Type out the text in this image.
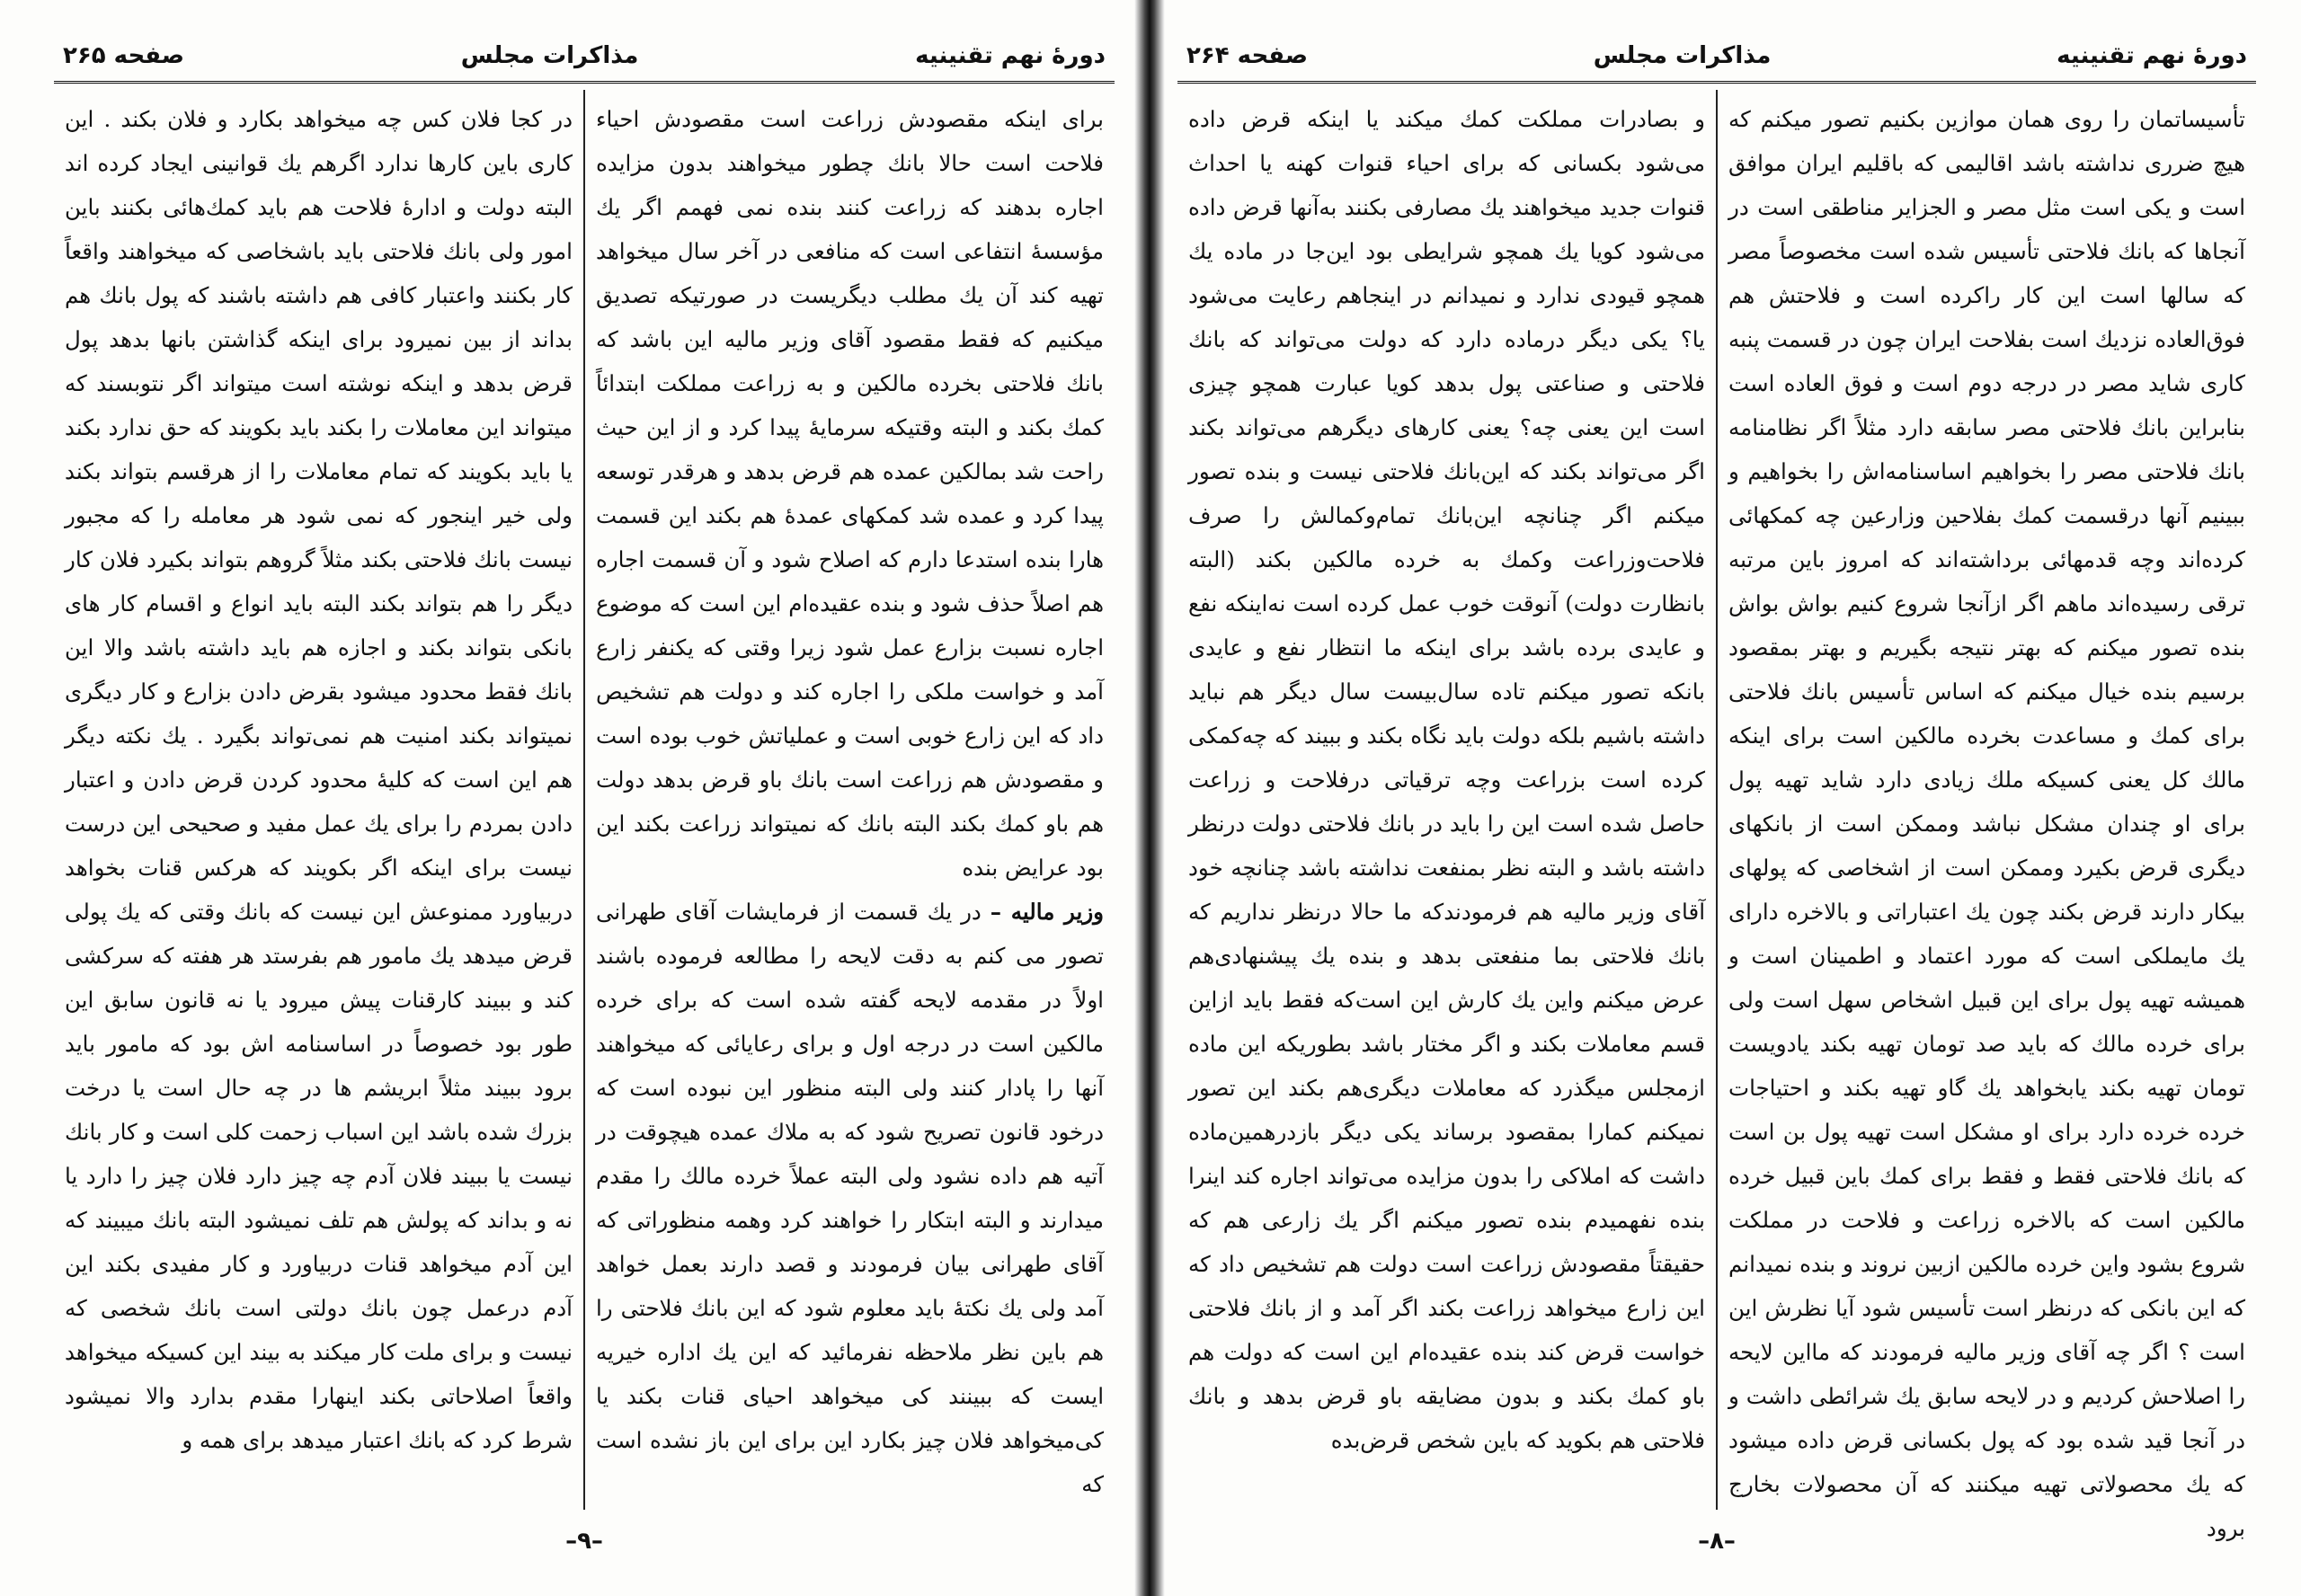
دورهٔ نهم تقنینیه
مذاکرات مجلس
صفحه ۲۶۵

برای اینکه مقصودش زراعت است مقصودش احیاء فلاحت است حالا بانك چطور میخواهند بدون مزایده اجاره بدهند که زراعت کنند بنده نمی فهمم اگر یك مؤسسهٔ انتفاعی است که منافعی در آخر سال میخواهد تهیه کند آن یك مطلب دیگریست در صورتیکه تصدیق میکنیم که فقط مقصود آقای وزیر مالیه این باشد که بانك فلاحتی بخرده مالکین و به زراعت مملکت ابتدائاً کمك بکند و البته وقتیکه سرمایهٔ پیدا کرد و از این حیث راحت شد بمالکین عمده هم قرض بدهد و هرقدر توسعه پیدا کرد و عمده شد کمکهای عمدهٔ هم بکند این قسمت هارا بنده استدعا دارم که اصلاح شود و آن قسمت اجاره هم اصلاً حذف شود و بنده عقیده‌ام این است که موضوع اجاره نسبت بزارع عمل شود زیرا وقتی که یکنفر زارع آمد و خواست ملکی را اجاره کند و دولت هم تشخیص داد که این زارع خوبی است و عملیاتش خوب بوده است و مقصودش هم زراعت است بانك باو قرض بدهد دولت هم باو کمك بکند البته بانك که نمیتواند زراعت بکند این بود عرایض بنده

وزیر مالیه – در یك قسمت از فرمایشات آقای طهرانی تصور می کنم به دقت لایحه را مطالعه فرموده باشند اولاً در مقدمه لایحه گفته شده است که برای خرده مالکین است در درجه اول و برای رعایائی که میخواهند آنها را پادار کنند ولی البته منظور این نبوده است که درخود قانون تصریح شود که به ملاك عمده هیچوقت در آتیه هم داده نشود ولی البته عملاً خرده مالك را مقدم میدارند و البته ابتکار را خواهند کرد وهمه منظوراتی که آقای طهرانی بیان فرمودند و قصد دارند بعمل خواهد آمد ولی یك نکتهٔ باید معلوم شود که این بانك فلاحتی را هم باین نظر ملاحظه نفرمائید که این یك اداره خیریه ایست که ببینند کی میخواهد احیای قنات بکند یا کی‌میخواهد فلان چیز بکارد این برای این باز نشده است که

در کجا فلان کس چه میخواهد بکارد و فلان بکند . این کاری باین کارها ندارد اگرهم یك قوانینی ایجاد کرده اند البته دولت و ادارهٔ فلاحت هم باید کمك‌هائی بکنند باین امور ولی بانك فلاحتی باید باشخاصی که میخواهند واقعاً کار بکنند واعتبار کافی هم داشته باشند که پول بانك هم بداند از بین نمیرود برای اینکه گذاشتن بانها بدهد پول قرض بدهد و اینکه نوشته است میتواند اگر نتوبسند که میتواند این معاملات را بکند باید بکویند که حق ندارد بکند یا باید بکویند که تمام معاملات را از هرقسم بتواند بکند ولی خیر اینجور که نمی شود هر معامله را که مجبور نیست بانك فلاحتی بکند مثلاً گروهم بتواند بکیرد فلان کار دیگر را هم بتواند بکند البته باید انواع و اقسام کار های بانکی بتواند بکند و اجازه هم باید داشته باشد والا این بانك فقط محدود میشود بقرض دادن بزارع و کار دیگری نمیتواند بکند امنیت هم نمی‌تواند بگیرد . یك نکته دیگر هم این است که کلیهٔ محدود کردن قرض دادن و اعتبار دادن بمردم را برای یك عمل مفید و صحیحی این درست نیست برای اینکه اگر بکویند که هرکس قنات بخواهد دربیاورد ممنوعش این نیست که بانك وقتی که یك پولی قرض میدهد یك مامور هم بفرستد هر هفته که سرکشی کند و ببیند کارقنات پیش میرود یا نه قانون سابق این طور بود خصوصاً در اساسنامه اش بود که مامور باید برود ببیند مثلاً ابریشم ها در چه حال است یا درخت بزرك شده باشد این اسباب زحمت کلی است و کار بانك نیست یا ببیند فلان آدم چه چیز دارد فلان چیز را دارد یا نه و بداند که پولش هم تلف نمیشود البته بانك میبیند که این آدم میخواهد قنات دربیاورد و کار مفیدی بکند این آدم درعمل چون بانك دولتی است بانك شخصی که نیست و برای ملت کار میکند به بیند این کسیکه میخواهد واقعاً اصلاحاتی بکند اینهارا مقدم بدارد والا نمیشود شرط کرد که بانك اعتبار میدهد برای همه و

–۹–
دورهٔ نهم تقنینیه
مذاکرات مجلس
صفحه ۲۶۴

تأسیساتمان را روی همان موازین بکنیم تصور میکنم که هیچ ضرری نداشته باشد اقالیمی که باقلیم ایران موافق است و یکی است مثل مصر و الجزایر مناطقی است در آنجاها که بانك فلاحتی تأسیس شده است مخصوصاً مصر که سالها است این کار راکرده است و فلاحتش هم فوق‌العاده نزدیك است بفلاحت ایران چون در قسمت پنبه کاری شاید مصر در درجه دوم است و فوق العاده است بنابراین بانك فلاحتی مصر سابقه دارد مثلاً اگر نظامنامه بانك فلاحتی مصر را بخواهیم اساسنامه‌اش را بخواهیم و ببینیم آنها درقسمت کمك بفلاحین وزارعین چه کمکهائی کرده‌اند وچه قدمهائی برداشته‌اند که امروز باین مرتبه ترقی رسیده‌اند ماهم اگر ازآنجا شروع کنیم بواش بواش بنده تصور میکنم که بهتر نتیجه بگیریم و بهتر بمقصود برسیم بنده خیال میکنم که اساس تأسیس بانك فلاحتی برای کمك و مساعدت بخرده مالکین است برای اینکه مالك کل یعنی کسیکه ملك زیادی دارد شاید تهیه پول برای او چندان مشکل نباشد وممکن است از بانکهای دیگری قرض بکیرد وممکن است از اشخاصی که پولهای بیکار دارند قرض بکند چون یك اعتباراتی و بالاخره دارای یك مایملکی است که مورد اعتماد و اطمینان است و همیشه تهیه پول برای این قبیل اشخاص سهل است ولی برای خرده مالك که باید صد تومان تهیه بکند یادویست تومان تهیه بکند یابخواهد یك گاو تهیه بکند و احتیاجات خرده خرده دارد برای او مشکل است تهیه پول بن است که بانك فلاحتی فقط و فقط برای کمك باین قبیل خرده مالکین است که بالاخره زراعت و فلاحت در مملکت شروع بشود واین خرده مالکین ازبین نروند و بنده نمیدانم که این بانکی که درنظر است تأسیس شود آیا نظرش این است ؟ اگر چه آقای وزیر مالیه فرمودند که مااین لایحه را اصلاحش کردیم و در لایحه سابق یك شرائطی داشت و در آنجا قید شده بود که پول بکسانی قرض داده میشود که یك محصولاتی تهیه میکنند که آن محصولات بخارج برود

و بصادرات مملکت کمك میکند یا اینکه قرض داده می‌شود بکسانی که برای احیاء قنوات کهنه یا احداث قنوات جدید میخواهند یك مصارفی بکنند به‌آنها قرض داده می‌شود کویا یك همچو شرایطی بود این‌جا در ماده یك همچو قیودی ندارد و نمیدانم در اینجاهم رعایت می‌شود یا؟ یکی دیگر درماده دارد که دولت می‌تواند که بانك فلاحتی و صناعتی پول بدهد کویا عبارت همچو چیزی است این یعنی چه؟ یعنی کارهای دیگرهم می‌تواند بکند اگر می‌تواند بکند که این‌بانك فلاحتی نیست و بنده تصور میکنم اگر چنانچه این‌بانك تمام‌وکمالش را صرف فلاحت‌وزراعت وکمك به خرده مالکین بکند (البته بانظارت دولت) آنوقت خوب عمل کرده است نه‌اینکه نفع و عایدی برده باشد برای اینکه ما انتظار نفع و عایدی بانکه تصور میکنم تاده سال‌بیست سال دیگر هم نباید داشته باشیم بلکه دولت باید نگاه بکند و ببیند که چه‌کمکی کرده است بزراعت وچه ترقیاتی درفلاحت و زراعت حاصل شده است این را باید در بانك فلاحتی دولت درنظر داشته باشد و البته نظر بمنفعت نداشته باشد چنانچه خود آقای وزیر مالیه هم فرمودند‌که ما حالا درنظر نداریم که بانك فلاحتی بما منفعتی بدهد و بنده یك پیشنهادی‌هم عرض میکنم واین یك کارش این است‌که فقط باید ازاین قسم معاملات بکند و اگر مختار باشد بطوریکه این ماده ازمجلس میگذرد که معاملات دیگری‌هم بکند این تصور نمیکنم کمارا بمقصود برساند یکی دیگر بازدرهمین‌ماده داشت که املاکی را بدون مزایده می‌تواند اجاره کند اینرا بنده نفهمیدم بنده تصور میکنم اگر یك زارعی هم که حقیقتاً مقصودش زراعت است دولت هم تشخیص داد که این زارع میخواهد زراعت بکند اگر آمد و از بانك فلاحتی خواست قرض کند بنده عقیده‌ام این است که دولت هم باو کمك بکند و بدون مضایقه باو قرض بدهد و بانك فلاحتی هم بکوید که باین شخص قرض‌بده

–۸–
